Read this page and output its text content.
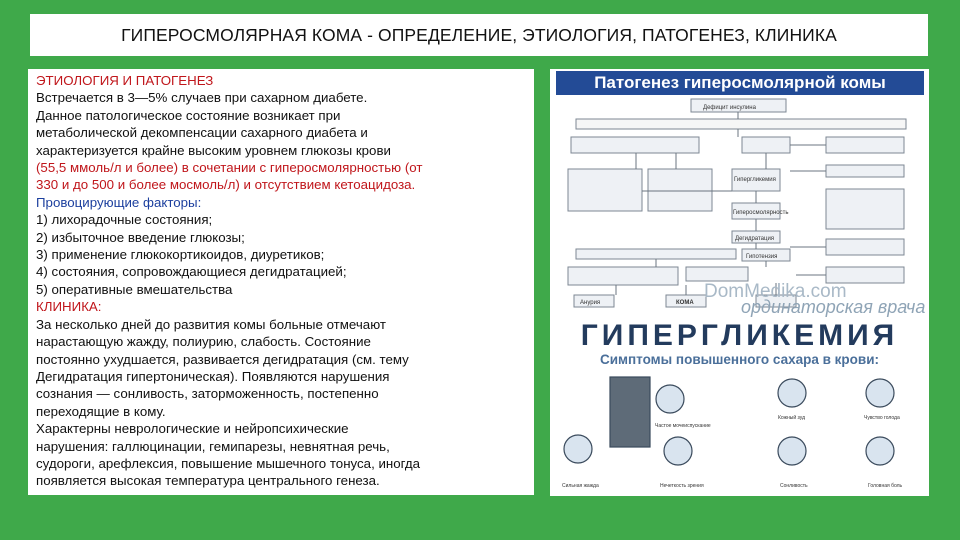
ГИПЕРОСМОЛЯРНАЯ КОМА - ОПРЕДЕЛЕНИЕ, ЭТИОЛОГИЯ, ПАТОГЕНЕЗ, КЛИНИКА
ЭТИОЛОГИЯ И ПАТОГЕНЕЗ
Встречается в 3—5% случаев при сахарном диабете.
Данное патологическое состояние возникает при
метаболической декомпенсации сахарного диабета и
характеризуется крайне высоким уровнем глюкозы крови
(55,5 ммоль/л и более) в сочетании с гиперосмолярностью (от
330 и до 500 и более мосмоль/л) и отсутствием кетоацидоза.
Провоцирующие факторы:
1) лихорадочные состояния;
2) избыточное введение глюкозы;
3) применение глюкокортикоидов, диуретиков;
4) состояния, сопровождающиеся дегидратацией;
5) оперативные вмешательства
КЛИНИКА:
За несколько дней до развития комы больные отмечают
нарастающую жажду, полиурию, слабость. Состояние
постоянно ухудшается, развивается дегидратация (см. тему
Дегидратация гипертоническая). Появляются нарушения
сознания — сонливость, заторможенность, постепенно
переходящие в кому.
Характерны неврологические и нейропсихические
нарушения: галлюцинации, гемипарезы, невнятная речь,
судороги, арефлексия, повышение мышечного тонуса, иногда
появляется высокая температура центрального генеза.
Патогенез гиперосмолярной комы
Дефицит инсулина
Гипергликемия
Гиперосмолярность
Дегидратация
Гипотензия
КОМА
Анурия
DomMedika.com
ординаторская врача
ГИПЕРГЛИКЕМИЯ
Симптомы повышенного сахара в крови:
Частое мочеиспускание
Кожный зуд	Чувство голода
Сильная жажда	Нечеткость зрения	Сонливость	Головная боль
